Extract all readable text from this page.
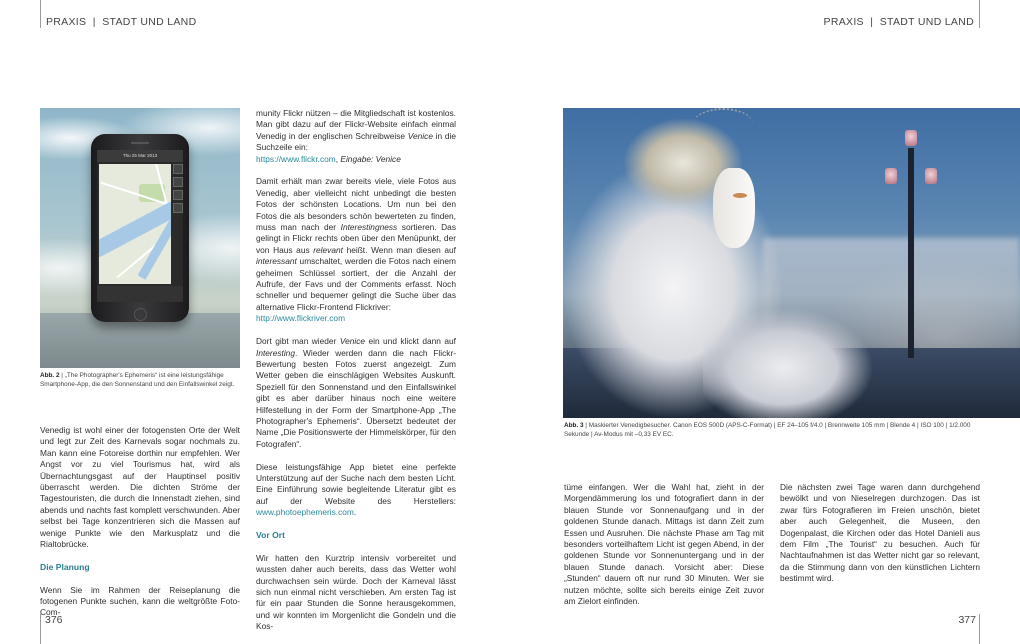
PRAXIS  |  STADT UND LAND	PRAXIS  |  STADT UND LAND
376	377
Thu 25 Mar 2013
Abb. 2 | „The Photographer's Ephemeris“ ist eine leistungsfähige Smartphone-App, die den Sonnenstand und den Einfallswinkel zeigt.

Venedig ist wohl einer der fotogensten Orte der Welt und legt zur Zeit des Karnevals sogar nochmals zu. Man kann eine Fotoreise dorthin nur empfehlen. Wer Angst vor zu viel Tourismus hat, wird als Übernachtungsgast auf der Hauptinsel positiv überrascht werden. Die dichten Ströme der Tagestouristen, die durch die Innenstadt ziehen, sind abends und nachts fast komplett verschwunden. Aber selbst bei Tage konzentrieren sich die Massen auf wenige Punkte wie den Markusplatz und die Rialtobrücke.

Die Planung

Wenn Sie im Rahmen der Reiseplanung die fotogenen Punkte suchen, kann die weltgrößte Foto-Com-

munity Flickr nützen – die Mitgliedschaft ist kostenlos. Man gibt dazu auf der Flickr-Website einfach einmal Venedig in der englischen Schreibweise Venice in die Suchzeile ein:
https://www.flickr.com, Eingabe: Venice

Damit erhält man zwar bereits viele, viele Fotos aus Venedig, aber vielleicht nicht unbedingt die besten Fotos der schönsten Locations. Um nun bei den Fotos die als besonders schön bewerteten zu finden, muss man nach der Interestingness sortieren. Das gelingt in Flickr rechts oben über den Menüpunkt, der von Haus aus relevant heißt. Wenn man diesen auf interessant umschaltet, werden die Fotos nach einem geheimen Schlüssel sortiert, der die Anzahl der Aufrufe, der Favs und der Comments erfasst. Noch schneller und bequemer gelingt die Suche über das alternative Flickr-Frontend Flickriver:
http://www.flickriver.com

Dort gibt man wieder Venice ein und klickt dann auf Interesting. Wieder werden dann die nach Flickr-Bewertung besten Fotos zuerst angezeigt. Zum Wetter geben die einschlägigen Websites Auskunft. Speziell für den Sonnenstand und den Einfallswinkel gibt es aber darüber hinaus noch eine weitere Hilfestellung in der Form der Smartphone-App „The Photographer's Ephemeris“. Übersetzt bedeutet der Name „Die Positionswerte der Himmelskörper, für den Fotografen“.

Diese leistungsfähige App bietet eine perfekte Unterstützung auf der Suche nach dem besten Licht. Eine Einführung sowie begleitende Literatur gibt es auf der Website des Herstellers: www.photoephemeris.com.

Vor Ort

Wir hatten den Kurztrip intensiv vorbereitet und wussten daher auch bereits, dass das Wetter wohl durchwachsen sein würde. Doch der Karneval lässt sich nun einmal nicht verschieben. Am ersten Tag ist für ein paar Stunden die Sonne herausgekommen, und wir konnten im Morgenlicht die Gondeln und die Kos-

Abb. 3 | Maskierter Venedigbesucher. Canon EOS 500D (APS-C-Format) | EF 24–105 f/4.0 | Brennweite 105 mm | Blende 4 | ISO 100 | 1/2.000 Sekunde | Av-Modus mit –0,33 EV EC.

tüme einfangen. Wer die Wahl hat, zieht in der Morgendämmerung los und fotografiert dann in der blauen Stunde vor Sonnenaufgang und in der goldenen Stunde danach. Mittags ist dann Zeit zum Essen und Ausruhen. Die nächste Phase am Tag mit besonders vorteilhaftem Licht ist gegen Abend, in der goldenen Stunde vor Sonnenuntergang und in der blauen Stunde danach. Vorsicht aber: Diese „Stunden“ dauern oft nur rund 30 Minuten. Wer sie nutzen möchte, sollte sich bereits einige Zeit zuvor am Zielort einfinden.

Die nächsten zwei Tage waren dann durchgehend bewölkt und von Nieselregen durchzogen. Das ist zwar fürs Fotografieren im Freien unschön, bietet aber auch Gelegenheit, die Museen, den Dogenpalast, die Kirchen oder das Hotel Danieli aus dem Film „The Tourist“ zu besuchen. Auch für Nachtaufnahmen ist das Wetter nicht gar so relevant, da die Stimmung dann von den künstlichen Lichtern bestimmt wird.
